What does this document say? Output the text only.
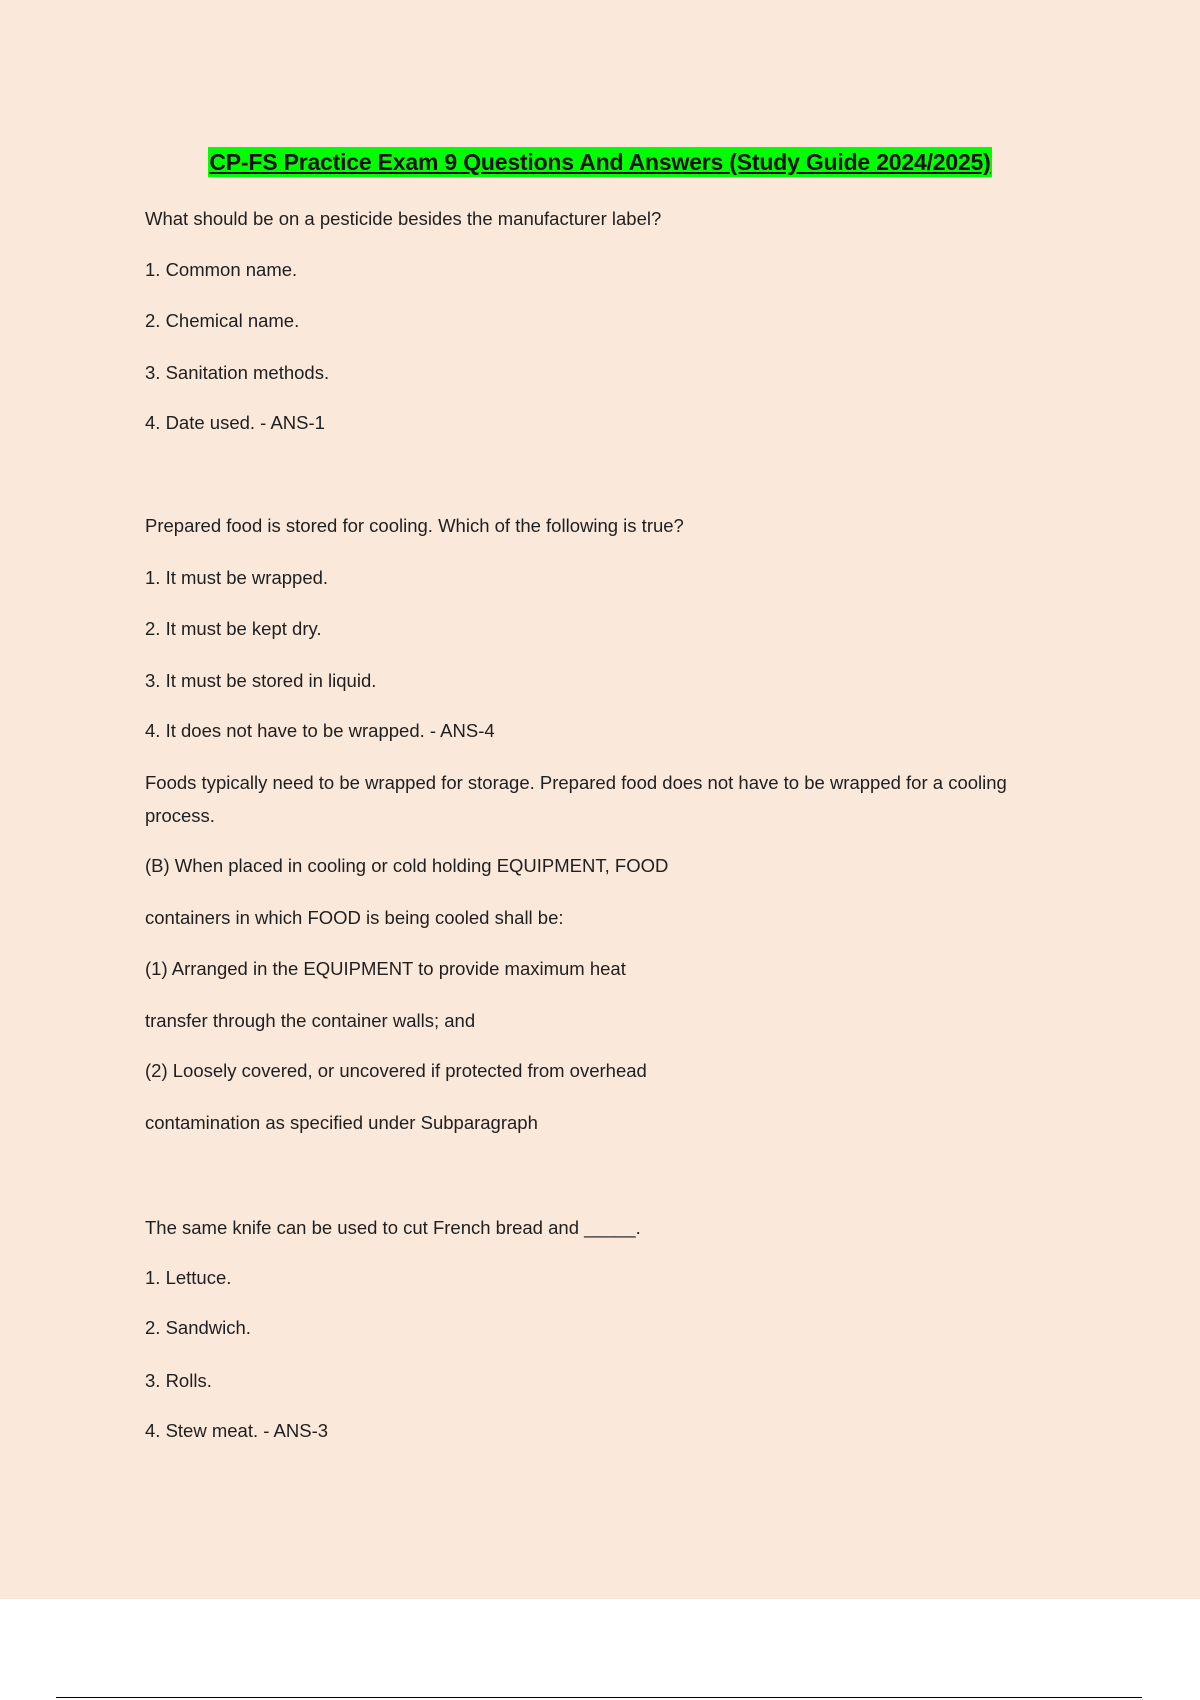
CP-FS Practice Exam 9 Questions And Answers (Study Guide 2024/2025)
What should be on a pesticide besides the manufacturer label?
1. Common name.
2. Chemical name.
3. Sanitation methods.
4. Date used. - ANS-1
Prepared food is stored for cooling. Which of the following is true?
1. It must be wrapped.
2. It must be kept dry.
3. It must be stored in liquid.
4. It does not have to be wrapped. - ANS-4
Foods typically need to be wrapped for storage. Prepared food does not have to be wrapped for a cooling process.
(B) When placed in cooling or cold holding EQUIPMENT, FOOD
containers in which FOOD is being cooled shall be:
(1) Arranged in the EQUIPMENT to provide maximum heat
transfer through the container walls; and
(2) Loosely covered, or uncovered if protected from overhead
contamination as specified under Subparagraph
The same knife can be used to cut French bread and _____.
1. Lettuce.
2. Sandwich.
3. Rolls.
4. Stew meat. - ANS-3
